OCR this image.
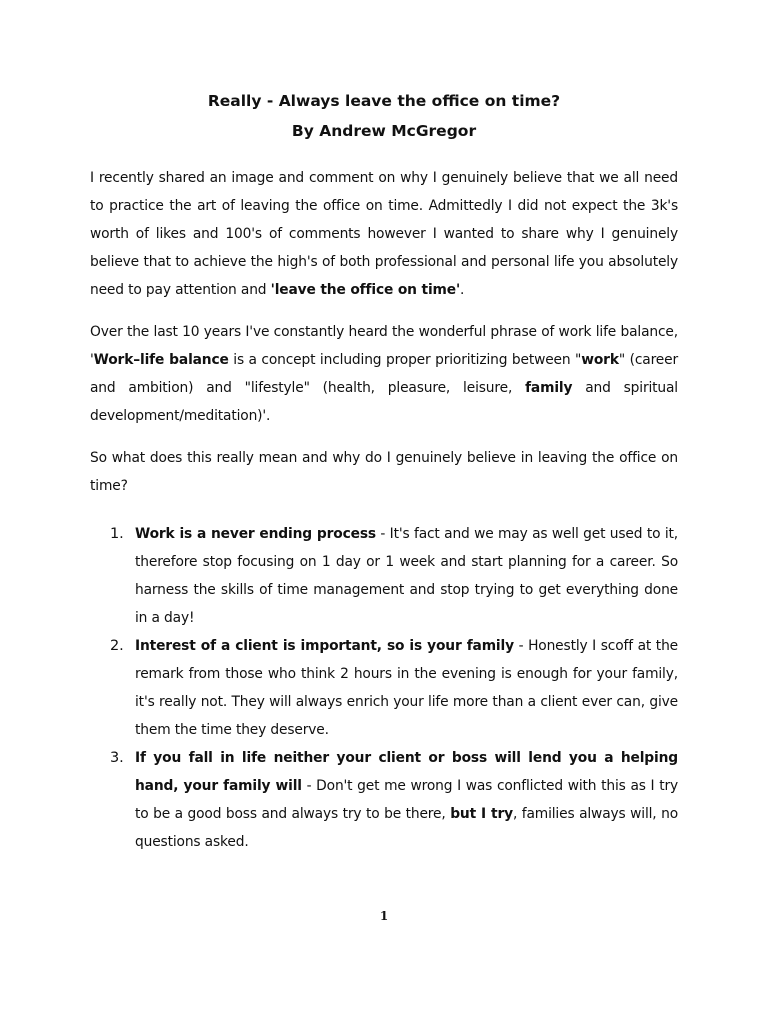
Really - Always leave the office on time?
By Andrew McGregor

I recently shared an image and comment on why I genuinely believe that we all need to practice the art of leaving the office on time. Admittedly I did not expect the 3k's worth of likes and 100's of comments however I wanted to share why I genuinely believe that to achieve the high's of both professional and personal life you absolutely need to pay attention and 'leave the office on time'.

Over the last 10 years I've constantly heard the wonderful phrase of work life balance, 'Work–life balance is a concept including proper prioritizing between "work" (career and ambition) and "lifestyle" (health, pleasure, leisure, family and spiritual development/meditation)'.

So what does this really mean and why do I genuinely believe in leaving the office on time?

1. Work is a never ending process - It's fact and we may as well get used to it, therefore stop focusing on 1 day or 1 week and start planning for a career. So harness the skills of time management and stop trying to get everything done in a day!
2. Interest of a client is important, so is your family - Honestly I scoff at the remark from those who think 2 hours in the evening is enough for your family, it's really not. They will always enrich your life more than a client ever can, give them the time they deserve.
3. If you fall in life neither your client or boss will lend you a helping hand, your family will - Don't get me wrong I was conflicted with this as I try to be a good boss and always try to be there, but I try, families always will, no questions asked.
1
